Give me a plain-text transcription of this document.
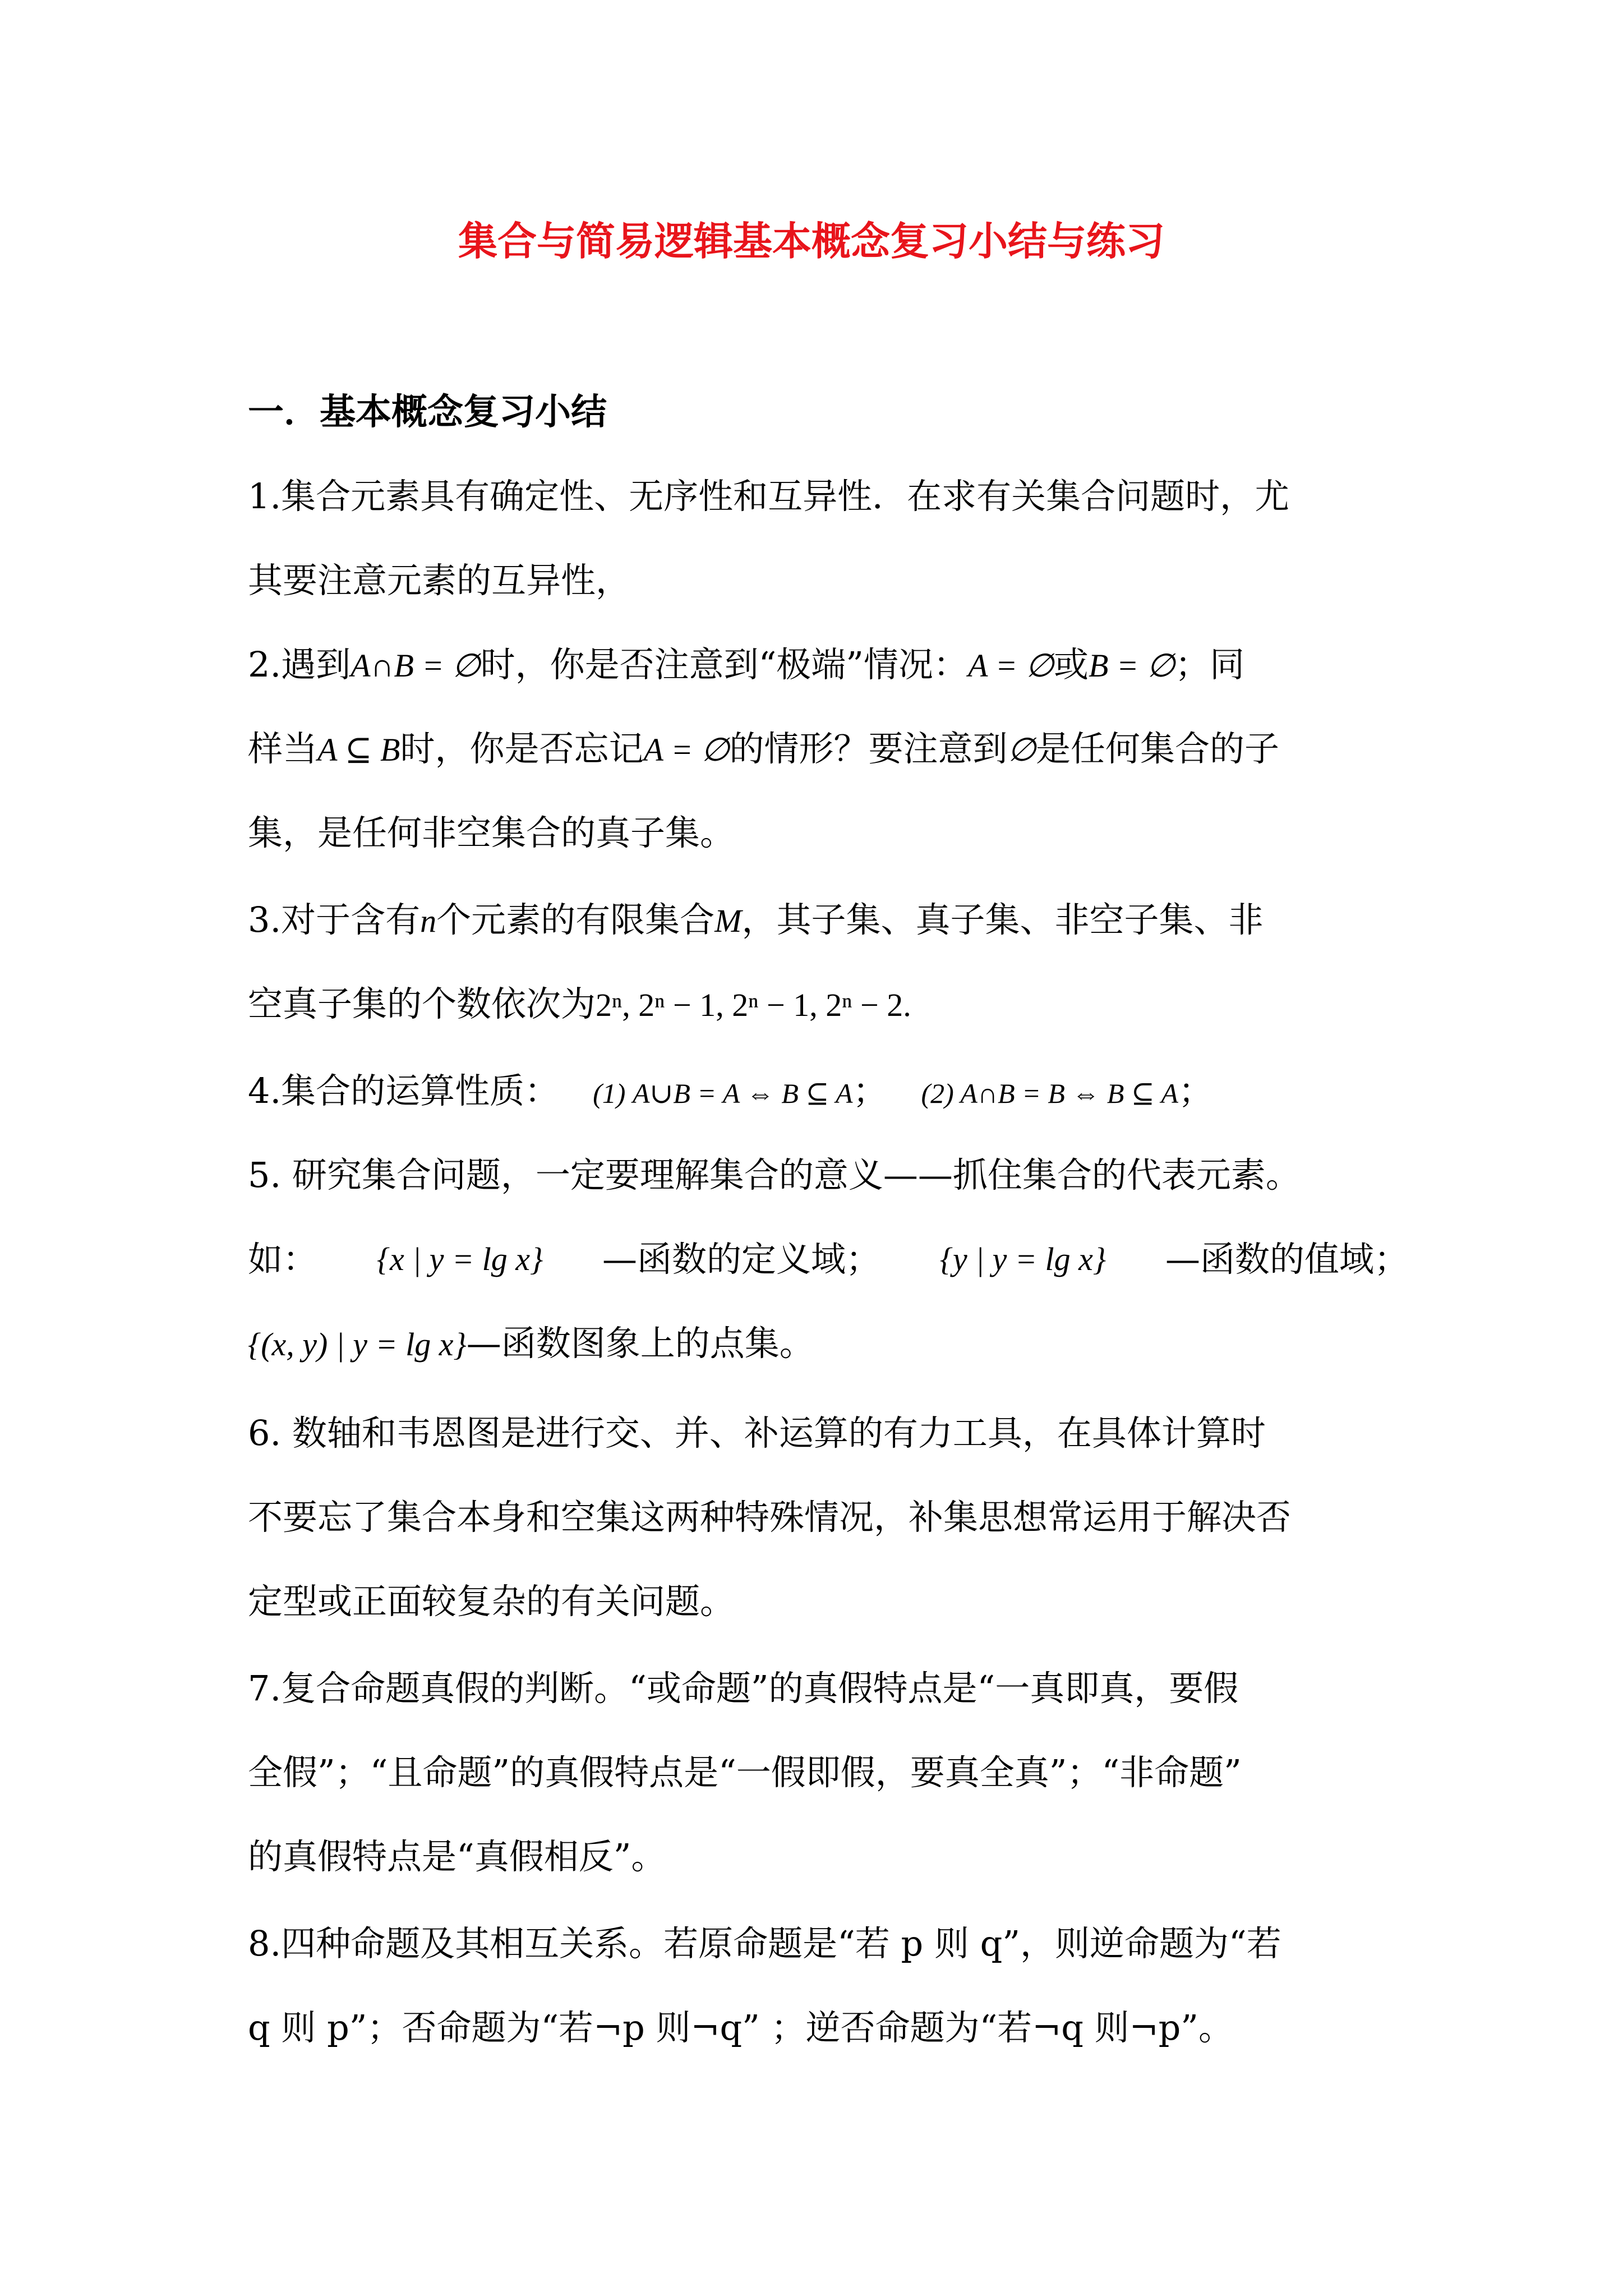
集合与简易逻辑基本概念复习小结与练习
一．基本概念复习小结
1.集合元素具有确定性、无序性和互异性．在求有关集合问题时，尤
其要注意元素的互异性，
2.遇到A∩B = ∅时，你是否注意到“极端”情况：A = ∅或B = ∅；同
样当A ⊆ B时，你是否忘记A = ∅的情形？要注意到∅是任何集合的子
集，是任何非空集合的真子集。
3.对于含有n个元素的有限集合M，其子集、真子集、非空子集、非
空真子集的个数依次为2ⁿ, 2ⁿ − 1, 2ⁿ − 1, 2ⁿ − 2.
4.集合的运算性质： (1) A∪B = A ⇔ B ⊆ A； (2) A∩B = B ⇔ B ⊆ A；
5. 研究集合问题，一定要理解集合的意义——抓住集合的代表元素。
如： {x | y = lg x} —函数的定义域； {y | y = lg x} —函数的值域；
{(x, y) | y = lg x}—函数图象上的点集。
6. 数轴和韦恩图是进行交、并、补运算的有力工具，在具体计算时
不要忘了集合本身和空集这两种特殊情况，补集思想常运用于解决否
定型或正面较复杂的有关问题。
7.复合命题真假的判断。“或命题”的真假特点是“一真即真，要假
全假”；“且命题”的真假特点是“一假即假，要真全真”；“非命题”
的真假特点是“真假相反”。
8.四种命题及其相互关系。若原命题是“若 p 则 q”，则逆命题为“若
q 则 p”；否命题为“若¬p 则¬q” ；逆否命题为“若¬q 则¬p”。
